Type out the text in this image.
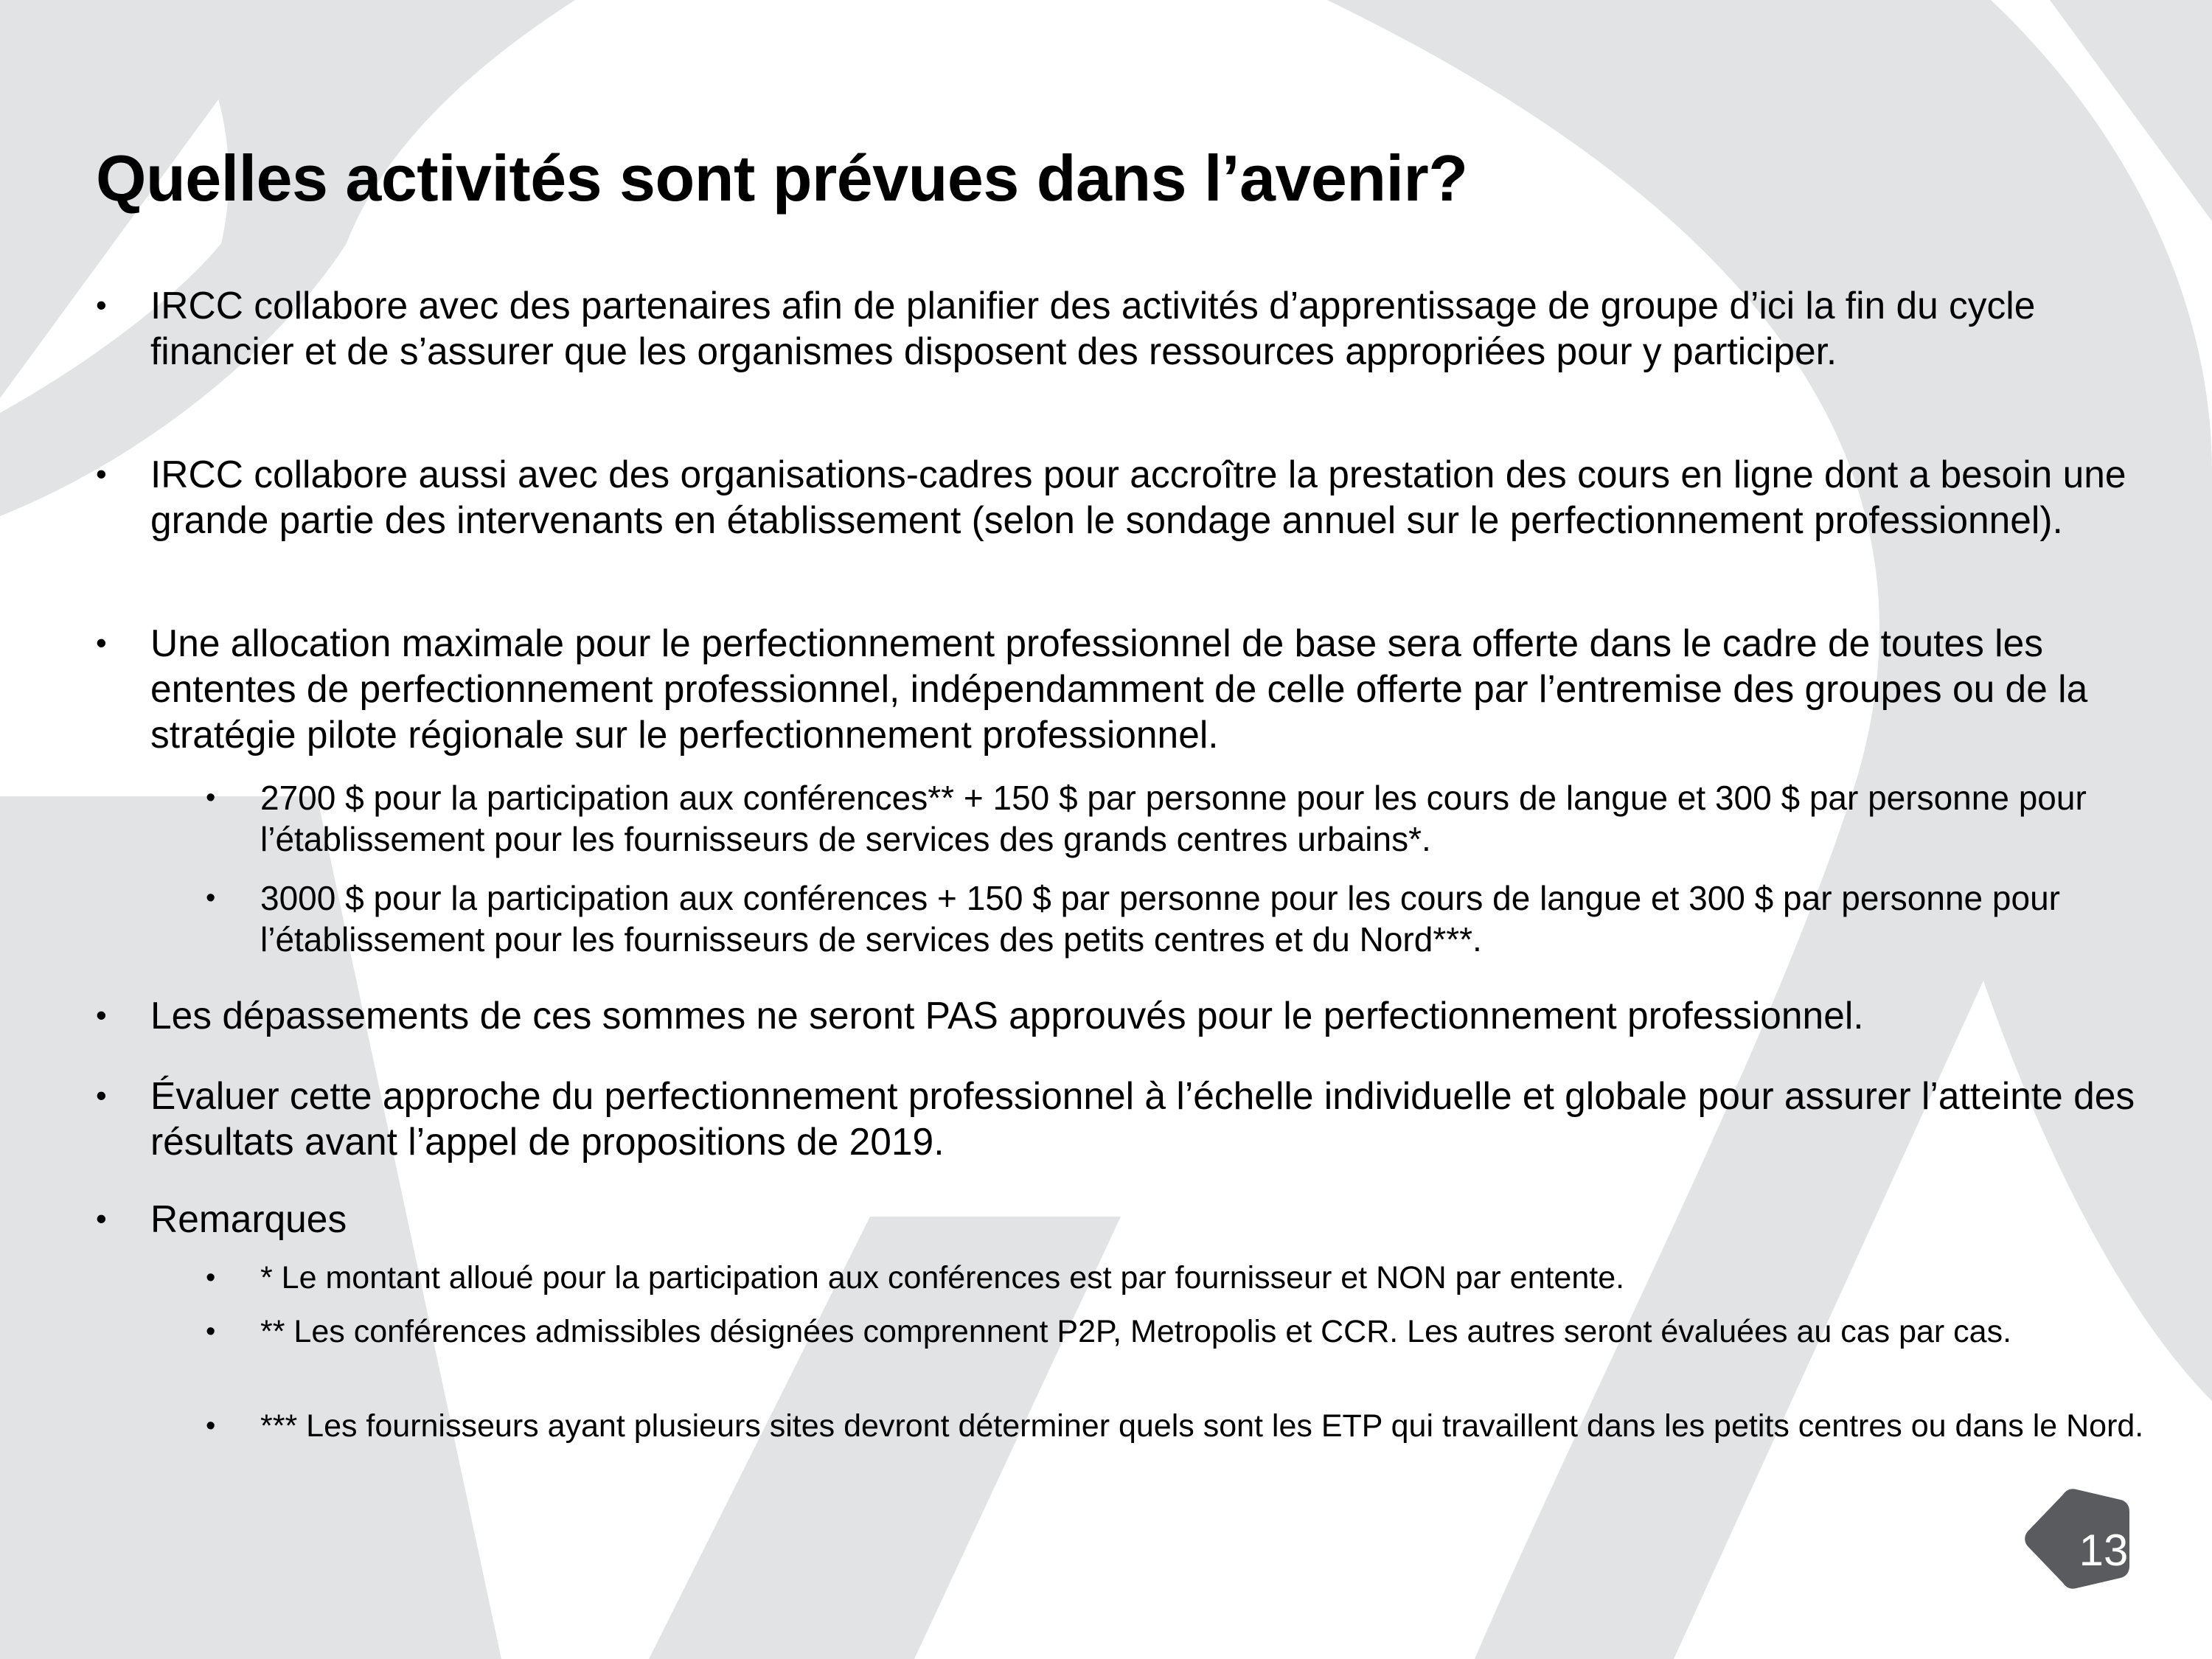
Quelles activités sont prévues dans l’avenir?
• IRCC collabore avec des partenaires afin de planifier des activités d’apprentissage de groupe d’ici la fin du cycle financier et de s’assurer que les organismes disposent des ressources appropriées pour y participer.
• IRCC collabore aussi avec des organisations-cadres pour accroître la prestation des cours en ligne dont a besoin une grande partie des intervenants en établissement (selon le sondage annuel sur le perfectionnement professionnel).
• Une allocation maximale pour le perfectionnement professionnel de base sera offerte dans le cadre de toutes les ententes de perfectionnement professionnel, indépendamment de celle offerte par l’entremise des groupes ou de la stratégie pilote régionale sur le perfectionnement professionnel.
• 2700 $ pour la participation aux conférences** + 150 $ par personne pour les cours de langue et 300 $ par personne pour l’établissement pour les fournisseurs de services des grands centres urbains*.
• 3000 $ pour la participation aux conférences + 150 $ par personne pour les cours de langue et 300 $ par personne pour l’établissement pour les fournisseurs de services des petits centres et du Nord***.
• Les dépassements de ces sommes ne seront PAS approuvés pour le perfectionnement professionnel.
• Évaluer cette approche du perfectionnement professionnel à l’échelle individuelle et globale pour assurer l’atteinte des résultats avant l’appel de propositions de 2019.
• Remarques
• * Le montant alloué pour la participation aux conférences est par fournisseur et NON par entente.
• ** Les conférences admissibles désignées comprennent P2P, Metropolis et CCR. Les autres seront évaluées au cas par cas.
• *** Les fournisseurs ayant plusieurs sites devront déterminer quels sont les ETP qui travaillent dans les petits centres ou dans le Nord.
13
